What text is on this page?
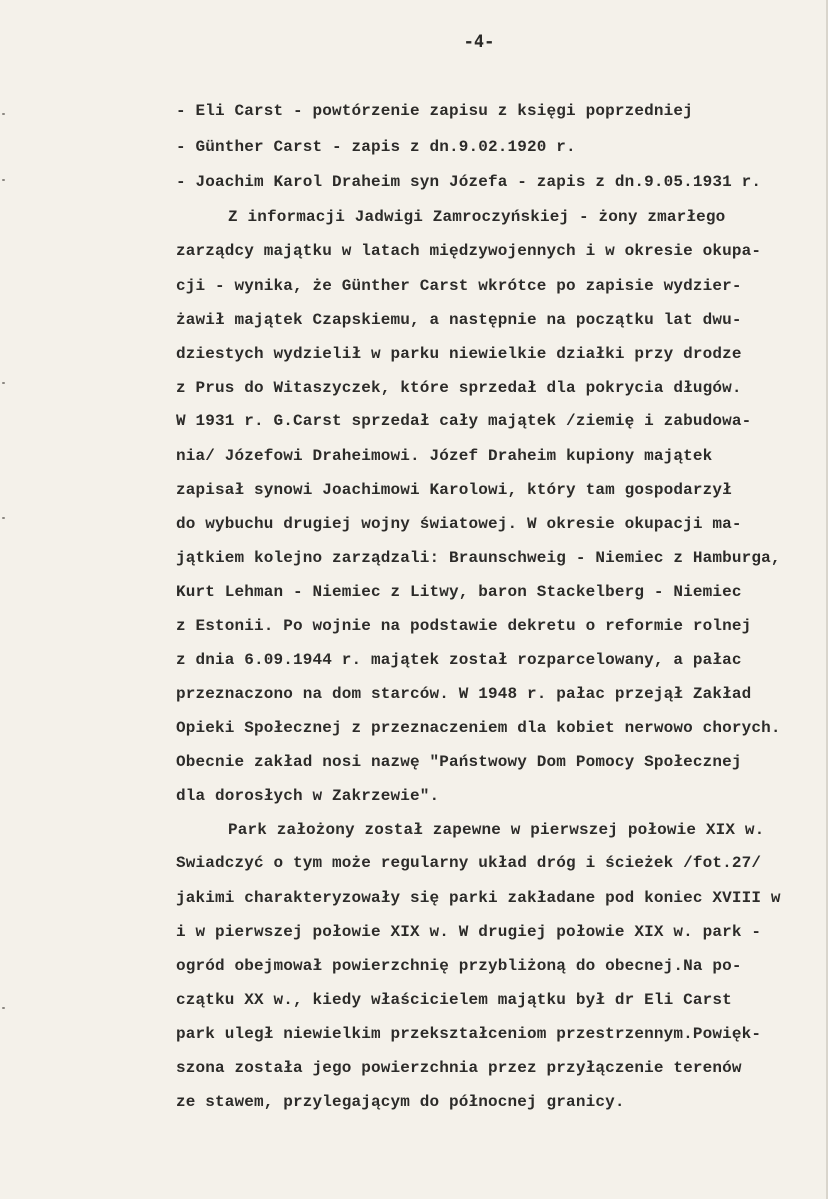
-4-
- Eli Carst - powtórzenie zapisu z księgi poprzedniej
- Günther Carst - zapis z dn.9.02.1920 r.
- Joachim Karol Draheim syn Józefa - zapis z dn.9.05.1931 r.
Z informacji Jadwigi Zamroczyńskiej - żony zmarłego
zarządcy majątku w latach międzywojennych i w okresie okupa-
cji - wynika, że Günther Carst wkrótce po zapisie wydzier-
żawił majątek Czapskiemu, a następnie na początku lat dwu-
dziestych wydzielił w parku niewielkie działki przy drodze
z Prus do Witaszyczek, które sprzedał dla pokrycia długów.
W 1931 r. G.Carst sprzedał cały majątek /ziemię i zabudowa-
nia/ Józefowi Draheimowi. Józef Draheim kupiony majątek
zapisał synowi Joachimowi Karolowi, który tam gospodarzył
do wybuchu drugiej wojny światowej. W okresie okupacji ma-
jątkiem kolejno zarządzali: Braunschweig - Niemiec z Hamburga,
Kurt Lehman - Niemiec z Litwy, baron Stackelberg - Niemiec
z Estonii. Po wojnie na podstawie dekretu o reformie rolnej
z dnia 6.09.1944 r. majątek został rozparcelowany, a pałac
przeznaczono na dom starców. W 1948 r. pałac przejął Zakład
Opieki Społecznej z przeznaczeniem dla kobiet nerwowo chorych.
Obecnie zakład nosi nazwę "Państwowy Dom Pomocy Społecznej
dla dorosłych w Zakrzewie".
Park założony został zapewne w pierwszej połowie XIX w.
Swiadczyć o tym może regularny układ dróg i ścieżek /fot.27/
jakimi charakteryzowały się parki zakładane pod koniec XVIII w
i w pierwszej połowie XIX w. W drugiej połowie XIX w. park -
ogród obejmował powierzchnię przybliżoną do obecnej.Na po-
czątku XX w., kiedy właścicielem majątku był dr Eli Carst
park uległ niewielkim przekształceniom przestrzennym.Powięk-
szona została jego powierzchnia przez przyłączenie terenów
ze stawem, przylegającym do północnej granicy.
